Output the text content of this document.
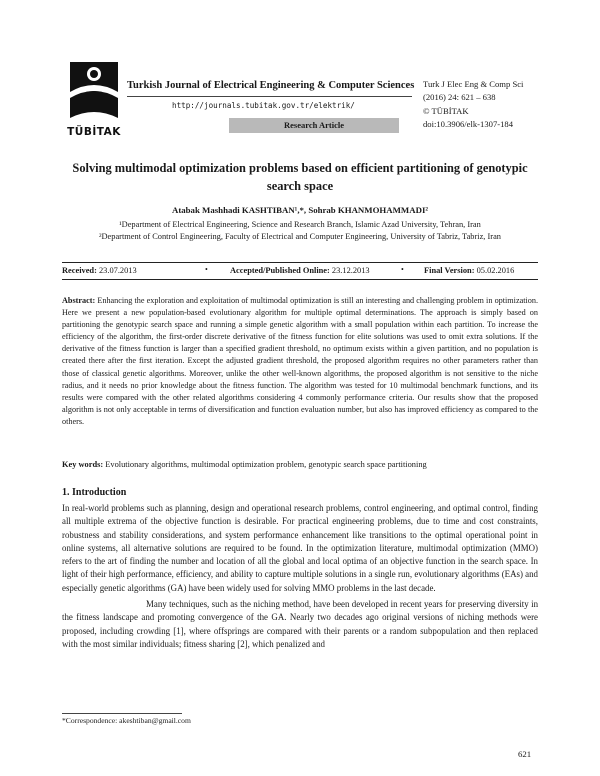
TÜBİTAK
Turkish Journal of Electrical Engineering & Computer Sciences
http://journals.tubitak.gov.tr/elektrik/
Research Article
Turk J Elec Eng & Comp Sci
(2016) 24: 621 – 638
© TÜBİTAK
doi:10.3906/elk-1307-184
Solving multimodal optimization problems based on efficient partitioning of genotypic search space
Atabak Mashhadi KASHTIBAN¹,*, Sohrab KHANMOHAMMADI²
¹Department of Electrical Engineering, Science and Research Branch, Islamic Azad University, Tehran, Iran
²Department of Control Engineering, Faculty of Electrical and Computer Engineering, University of Tabriz, Tabriz, Iran
Received: 23.07.2013	•	Accepted/Published Online: 23.12.2013	• Final Version: 05.02.2016
Abstract: Enhancing the exploration and exploitation of multimodal optimization is still an interesting and challenging problem in optimization. Here we present a new population-based evolutionary algorithm for multiple optimal determinations. The approach is simply based on partitioning the genotypic search space and running a simple genetic algorithm with a small population within each partition. To increase the efficiency of the algorithm, the first-order discrete derivative of the fitness function for elite solutions was used to omit extra solutions. If the derivative of the fitness function is larger than a specified gradient threshold, no optimum exists within a given partition, and no population is created there after the first iteration. Except the adjusted gradient threshold, the proposed algorithm requires no other parameters rather than those of classical genetic algorithms. Moreover, unlike the other well-known algorithms, the proposed algorithm is not sensitive to the niche radius, and it needs no prior knowledge about the fitness function. The algorithm was tested for 10 multimodal benchmark functions, and its results were compared with the other related algorithms considering 4 commonly performance criteria. Our results show that the proposed algorithm is not only acceptable in terms of diversification and function evaluation number, but also has improved efficiency as compared to the others.
Key words: Evolutionary algorithms, multimodal optimization problem, genotypic search space partitioning
1. Introduction

In real-world problems such as planning, design and operational research problems, control engineering, and optimal control, finding all multiple extrema of the objective function is desirable. For practical engineering problems, due to time and cost constraints, robustness and stability considerations, and system performance enhancement like transitions to the optimal operational point in online systems, all alternative solutions are required to be found. In the optimization literature, multimodal optimization (MMO) refers to the art of finding the number and location of all the global and local optima of an objective function in the search space. In light of their high performance, efficiency, and ability to capture multiple solutions in a single run, evolutionary algorithms (EAs) and especially genetic algorithms (GA) have been widely used for solving MMO problems in the last decade.

Many techniques, such as the niching method, have been developed in recent years for preserving diversity in the fitness landscape and promoting convergence of the GA. Nearly two decades ago original versions of niching methods were proposed, including crowding [1], where offsprings are compared with their parents or a random subpopulation and then replaced with the most similar individuals; fitness sharing [2], which penalized and

*Correspondence: akeshtiban@gmail.com
621
